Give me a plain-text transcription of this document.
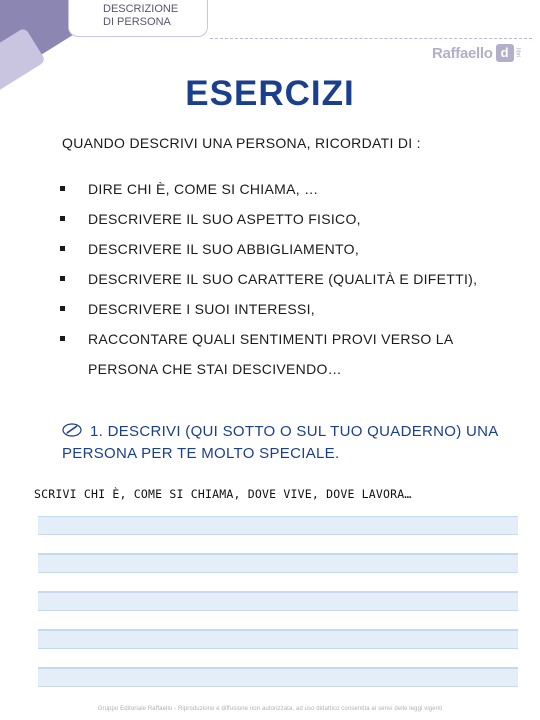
DESCRIZIONE
DI PERSONA
Raffaello d	libri
ESERCIZI
QUANDO DESCRIVI UNA PERSONA, RICORDATI DI :
DIRE CHI È, COME SI CHIAMA, …
DESCRIVERE IL SUO ASPETTO FISICO,
DESCRIVERE IL SUO ABBIGLIAMENTO,
DESCRIVERE IL SUO CARATTERE (QUALITÀ E DIFETTI),
DESCRIVERE I SUOI INTERESSI,
RACCONTARE QUALI SENTIMENTI PROVI VERSO LA PERSONA CHE STAI DESCIVENDO…
1. DESCRIVI (QUI SOTTO O SUL TUO QUADERNO) UNA PERSONA PER TE MOLTO SPECIALE.
SCRIVI CHI È, COME SI CHIAMA, DOVE VIVE, DOVE LAVORA…
Gruppo Editoriale Raffaello - Riproduzione e diffusione non autorizzata, ad uso didattico consentita ai sensi delle leggi vigenti
